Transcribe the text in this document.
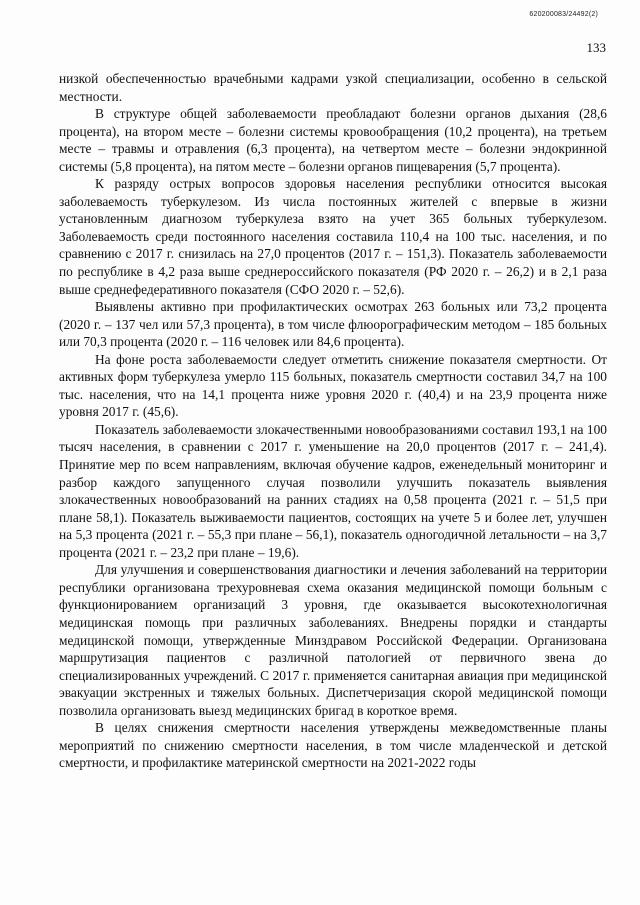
620200083/24492(2)
133

низкой обеспеченностью врачебными кадрами узкой специализации, особенно в сельской местности.

В структуре общей заболеваемости преобладают болезни органов дыхания (28,6 процента), на втором месте – болезни системы кровообращения (10,2 процента), на третьем месте – травмы и отравления (6,3 процента), на четвертом месте – болезни эндокринной системы (5,8 процента), на пятом месте – болезни органов пищеварения (5,7 процента).

К разряду острых вопросов здоровья населения республики относится высокая заболеваемость туберкулезом. Из числа постоянных жителей с впервые в жизни установленным диагнозом туберкулеза взято на учет 365 больных туберкулезом. Заболеваемость среди постоянного населения составила 110,4 на 100 тыс. населения, и по сравнению с 2017 г. снизилась на 27,0 процентов (2017 г. – 151,3). Показатель заболеваемости по республике в 4,2 раза выше среднероссийского показателя (РФ 2020 г. – 26,2) и в 2,1 раза выше среднефедеративного показателя (СФО 2020 г. – 52,6).

Выявлены активно при профилактических осмотрах 263 больных или 73,2 процента (2020 г. – 137 чел или 57,3 процента), в том числе флюорографическим методом – 185 больных или 70,3 процента (2020 г. – 116 человек или 84,6 процента).

На фоне роста заболеваемости следует отметить снижение показателя смертности. От активных форм туберкулеза умерло 115 больных, показатель смертности составил 34,7 на 100 тыс. населения, что на 14,1 процента ниже уровня 2020 г. (40,4) и на 23,9 процента ниже уровня 2017 г. (45,6).

Показатель заболеваемости злокачественными новообразованиями составил 193,1 на 100 тысяч населения, в сравнении с 2017 г. уменьшение на 20,0 процентов (2017 г. – 241,4). Принятие мер по всем направлениям, включая обучение кадров, еженедельный мониторинг и разбор каждого запущенного случая позволили улучшить показатель выявления злокачественных новообразований на ранних стадиях на 0,58 процента (2021 г. – 51,5 при плане 58,1). Показатель выживаемости пациентов, состоящих на учете 5 и более лет, улучшен на 5,3 процента (2021 г. – 55,3 при плане – 56,1), показатель одногодичной летальности – на 3,7 процента (2021 г. – 23,2 при плане – 19,6).

Для улучшения и совершенствования диагностики и лечения заболеваний на территории республики организована трехуровневая схема оказания медицинской помощи больным с функционированием организаций 3 уровня, где оказывается высокотехнологичная медицинская помощь при различных заболеваниях. Внедрены порядки и стандарты медицинской помощи, утвержденные Минздравом Российской Федерации. Организована маршрутизация пациентов с различной патологией от первичного звена до специализированных учреждений. С 2017 г. применяется санитарная авиация при медицинской эвакуации экстренных и тяжелых больных. Диспетчеризация скорой медицинской помощи позволила организовать выезд медицинских бригад в короткое время.

В целях снижения смертности населения утверждены межведомственные планы мероприятий по снижению смертности населения, в том числе младенческой и детской смертности, и профилактике материнской смертности на 2021-2022 годы
